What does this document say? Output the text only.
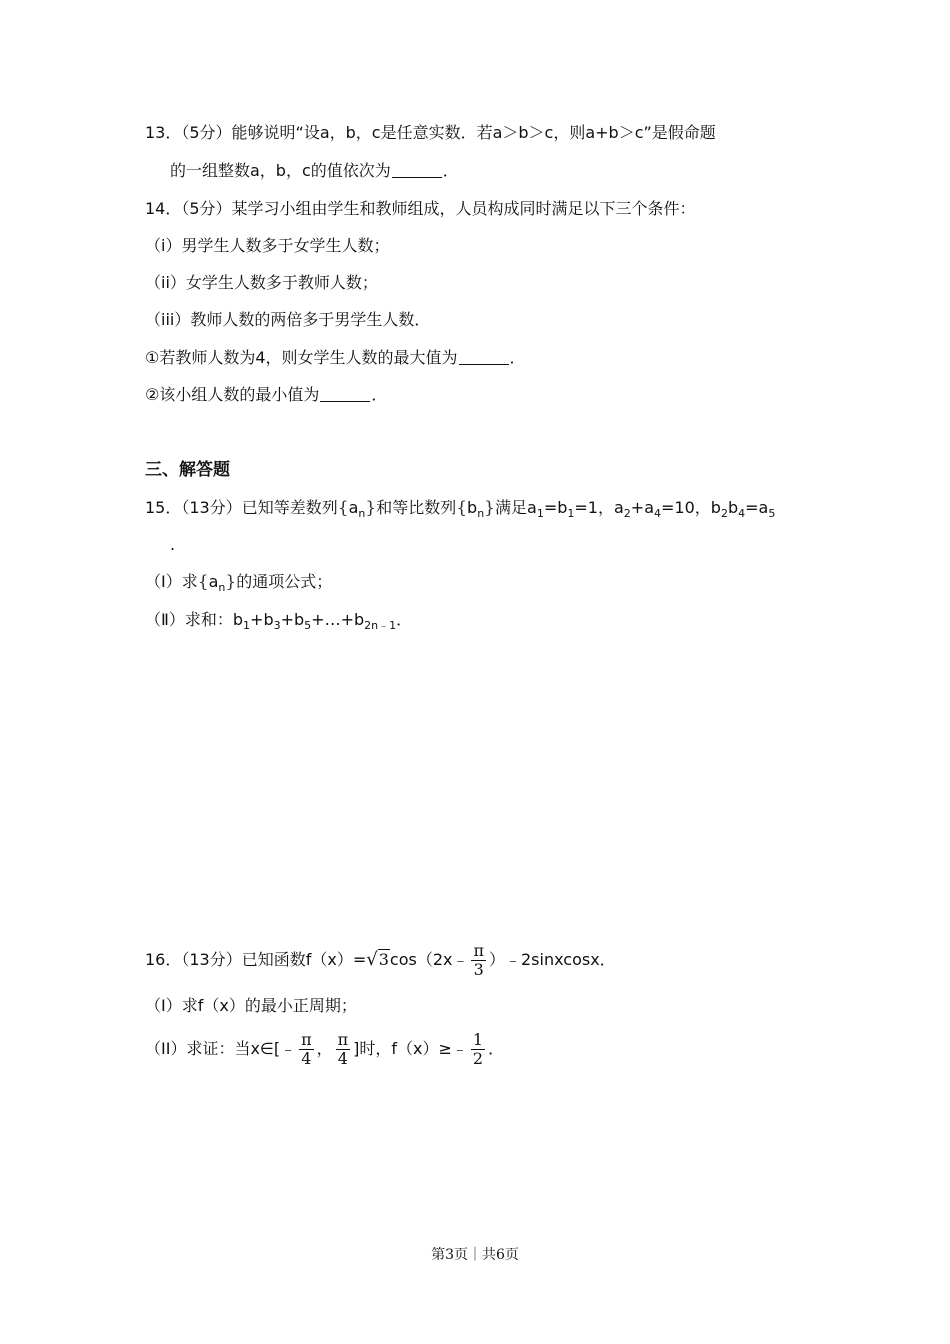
13．（5分）能够说明“设a，b，c是任意实数．若a＞b＞c，则a+b＞c”是假命题
的一组整数a，b，c的值依次为	．
14．（5分）某学习小组由学生和教师组成，人员构成同时满足以下三个条件：
（i）男学生人数多于女学生人数；
（ii）女学生人数多于教师人数；
（iii）教师人数的两倍多于男学生人数．
①若教师人数为4，则女学生人数的最大值为	．
②该小组人数的最小值为	．
三、解答题
15．（13分）已知等差数列$\{a_n\}$和等比数列$\{b_n\}$满足$a_1=b_1=1$，$a_2+a_4=10$，$b_2b_4=a_5$
.
（Ⅰ）求$\{a_n\}$的通项公式；
（Ⅱ）求和：$b_1+b_3+b_5+\dots+b_{2n﹣1}$．
16．（13分）已知函数f（x）=√3cos（2x﹣ $\frac{\pi}{3}$ ）﹣2sinxcosx．
（I）求f（x）的最小正周期；
（II）求证：当x∈[﹣ $\frac{\pi}{4}$ ， $\frac{\pi}{4}$ ]时，f（x）≥﹣ $\frac{1}{2}$ ．
第3页｜共6页
